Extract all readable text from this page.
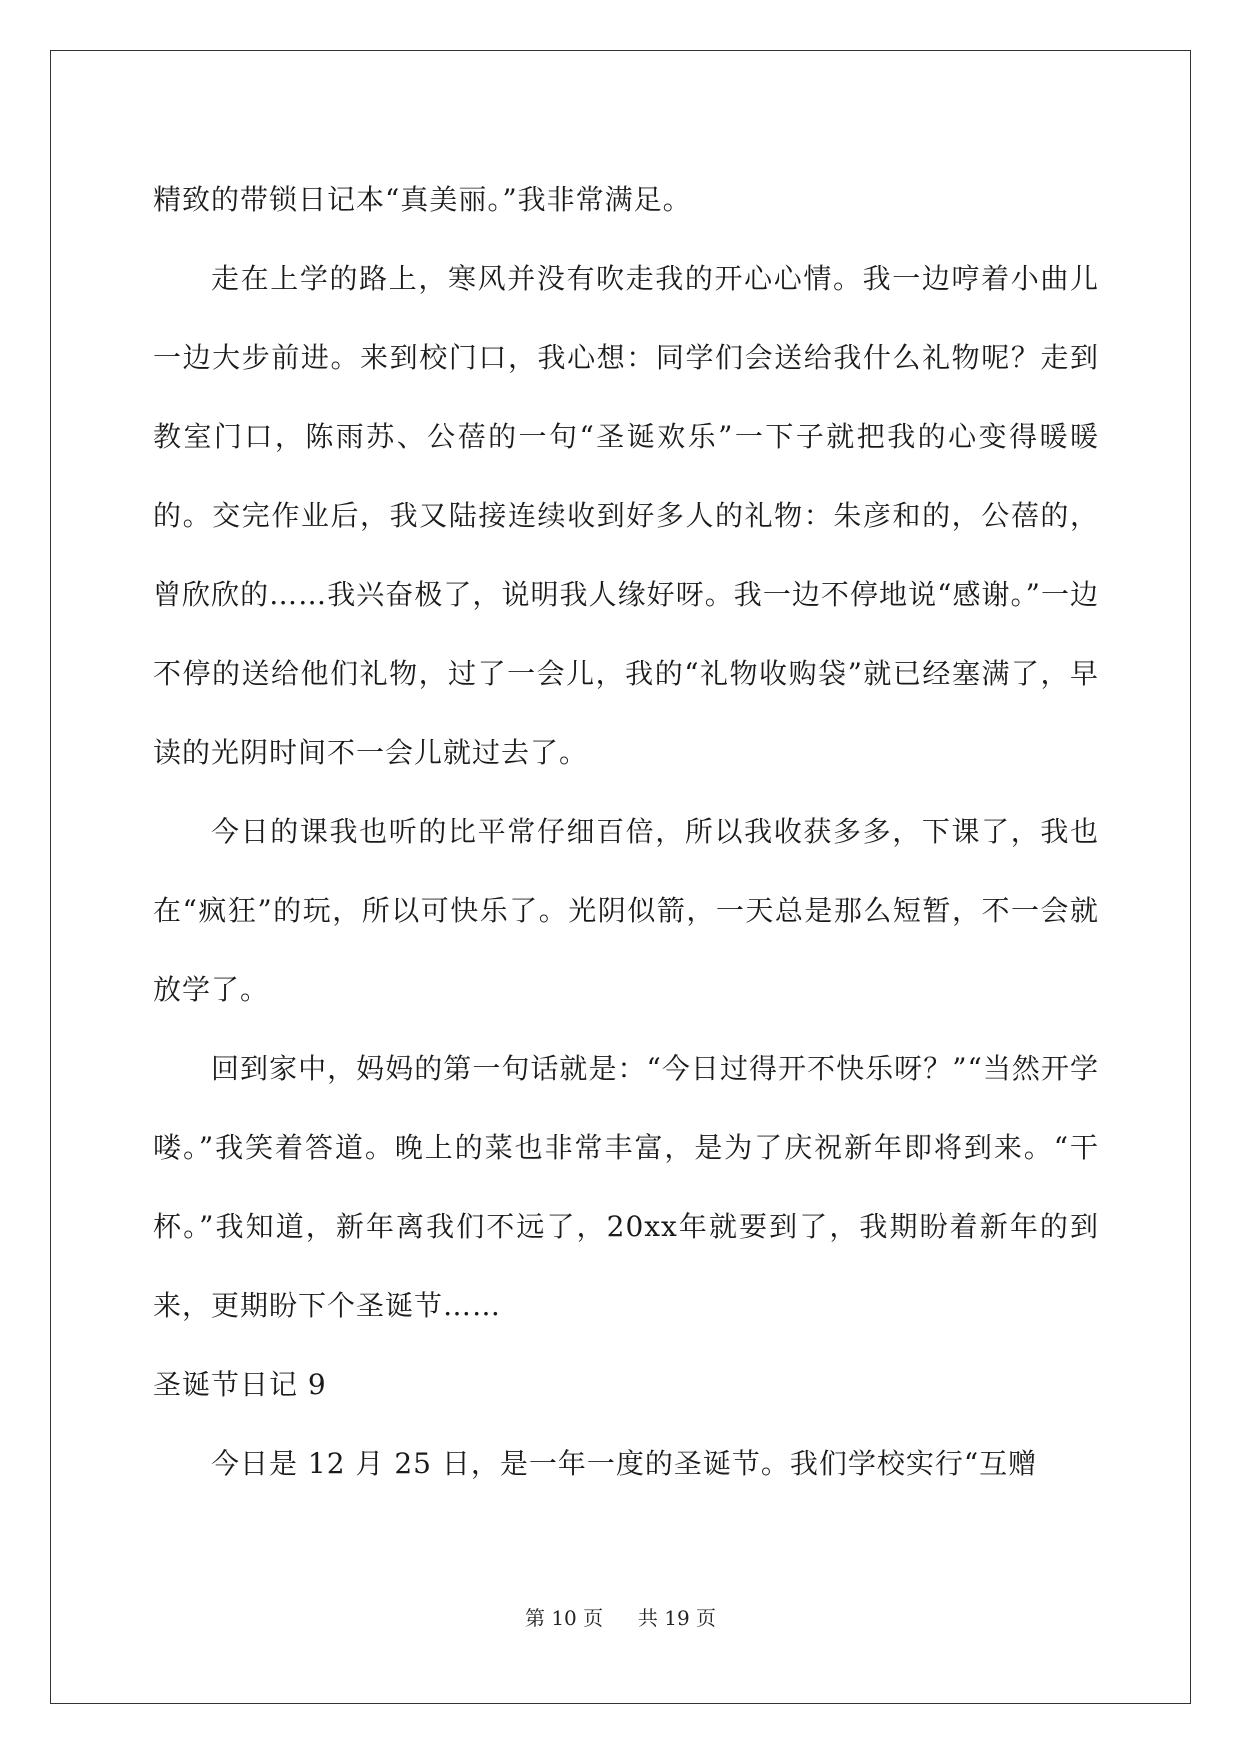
精致的带锁日记本“真美丽。”我非常满足。

走在上学的路上，寒风并没有吹走我的开心心情。我一边哼着小曲儿一边大步前进。来到校门口，我心想：同学们会送给我什么礼物呢？走到教室门口，陈雨苏、公蓓的一句“圣诞欢乐”一下子就把我的心变得暖暖的。交完作业后，我又陆接连续收到好多人的礼物：朱彦和的，公蓓的，曾欣欣的……我兴奋极了，说明我人缘好呀。我一边不停地说“感谢。”一边不停的送给他们礼物，过了一会儿，我的“礼物收购袋”就已经塞满了，早读的光阴时间不一会儿就过去了。

今日的课我也听的比平常仔细百倍，所以我收获多多，下课了，我也在“疯狂”的玩，所以可快乐了。光阴似箭，一天总是那么短暂，不一会就放学了。

回到家中，妈妈的第一句话就是：“今日过得开不快乐呀？”“当然开学喽。”我笑着答道。晚上的菜也非常丰富，是为了庆祝新年即将到来。“干杯。”我知道，新年离我们不远了，20xx年就要到了，我期盼着新年的到来，更期盼下个圣诞节……

圣诞节日记 9

今日是 12 月 25 日，是一年一度的圣诞节。我们学校实行“互赠

第 10 页 共 19 页
